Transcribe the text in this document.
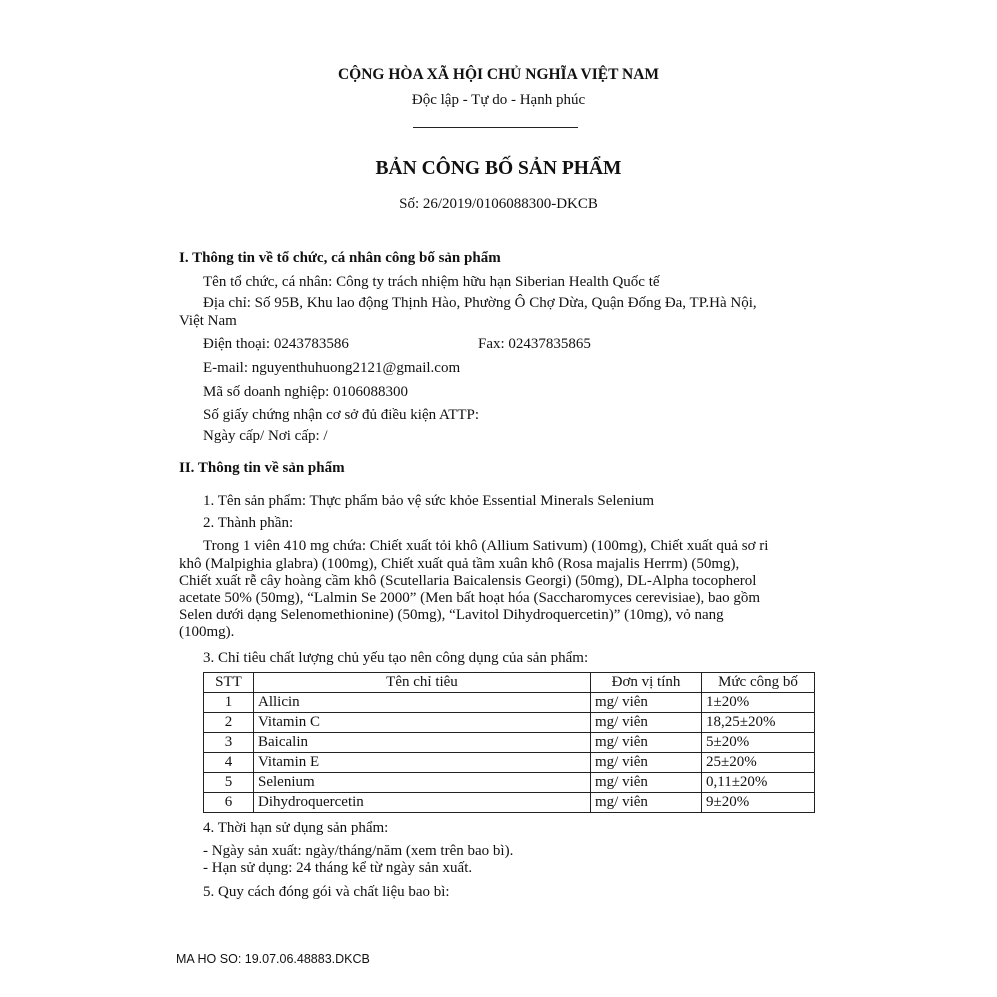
CỘNG HÒA XÃ HỘI CHỦ NGHĨA VIỆT NAM
Độc lập - Tự do - Hạnh phúc
BẢN CÔNG BỐ SẢN PHẨM
Số: 26/2019/0106088300-DKCB
I. Thông tin về tổ chức, cá nhân công bố sản phẩm
Tên tổ chức, cá nhân: Công ty trách nhiệm hữu hạn Siberian Health Quốc tế
Địa chỉ: Số 95B, Khu lao động Thịnh Hào, Phường Ô Chợ Dừa, Quận Đống Đa, TP.Hà Nội,
Việt Nam
Điện thoại: 0243783586	Fax: 02437835865
E-mail: nguyenthuhuong2121@gmail.com
Mã số doanh nghiệp: 0106088300
Số giấy chứng nhận cơ sở đủ điều kiện ATTP:
Ngày cấp/ Nơi cấp: /
II. Thông tin về sản phẩm
1. Tên sản phẩm: Thực phẩm bảo vệ sức khỏe Essential Minerals Selenium
2. Thành phần:
Trong 1 viên 410 mg chứa: Chiết xuất tỏi khô (Allium Sativum) (100mg), Chiết xuất quả sơ ri
khô (Malpighia glabra) (100mg), Chiết xuất quả tầm xuân khô (Rosa majalis Herrm) (50mg),
Chiết xuất rễ cây hoàng cầm khô (Scutellaria Baicalensis Georgi) (50mg), DL-Alpha tocopherol
acetate 50% (50mg), “Lalmin Se 2000” (Men bất hoạt hóa (Saccharomyces cerevisiae), bao gồm
Selen dưới dạng Selenomethionine) (50mg), “Lavitol Dihydroquercetin)” (10mg), vỏ nang
(100mg).
3. Chỉ tiêu chất lượng chủ yếu tạo nên công dụng của sản phẩm:
STT	Tên chỉ tiêu	Đơn vị tính	Mức công bố
1	Allicin	mg/ viên	1±20%
2	Vitamin C	mg/ viên	18,25±20%
3	Baicalin	mg/ viên	5±20%
4	Vitamin E	mg/ viên	25±20%
5	Selenium	mg/ viên	0,11±20%
6	Dihydroquercetin	mg/ viên	9±20%
4. Thời hạn sử dụng sản phẩm:
- Ngày sản xuất: ngày/tháng/năm (xem trên bao bì).
- Hạn sử dụng: 24 tháng kể từ ngày sản xuất.
5. Quy cách đóng gói và chất liệu bao bì:
MA HO SO: 19.07.06.48883.DKCB
